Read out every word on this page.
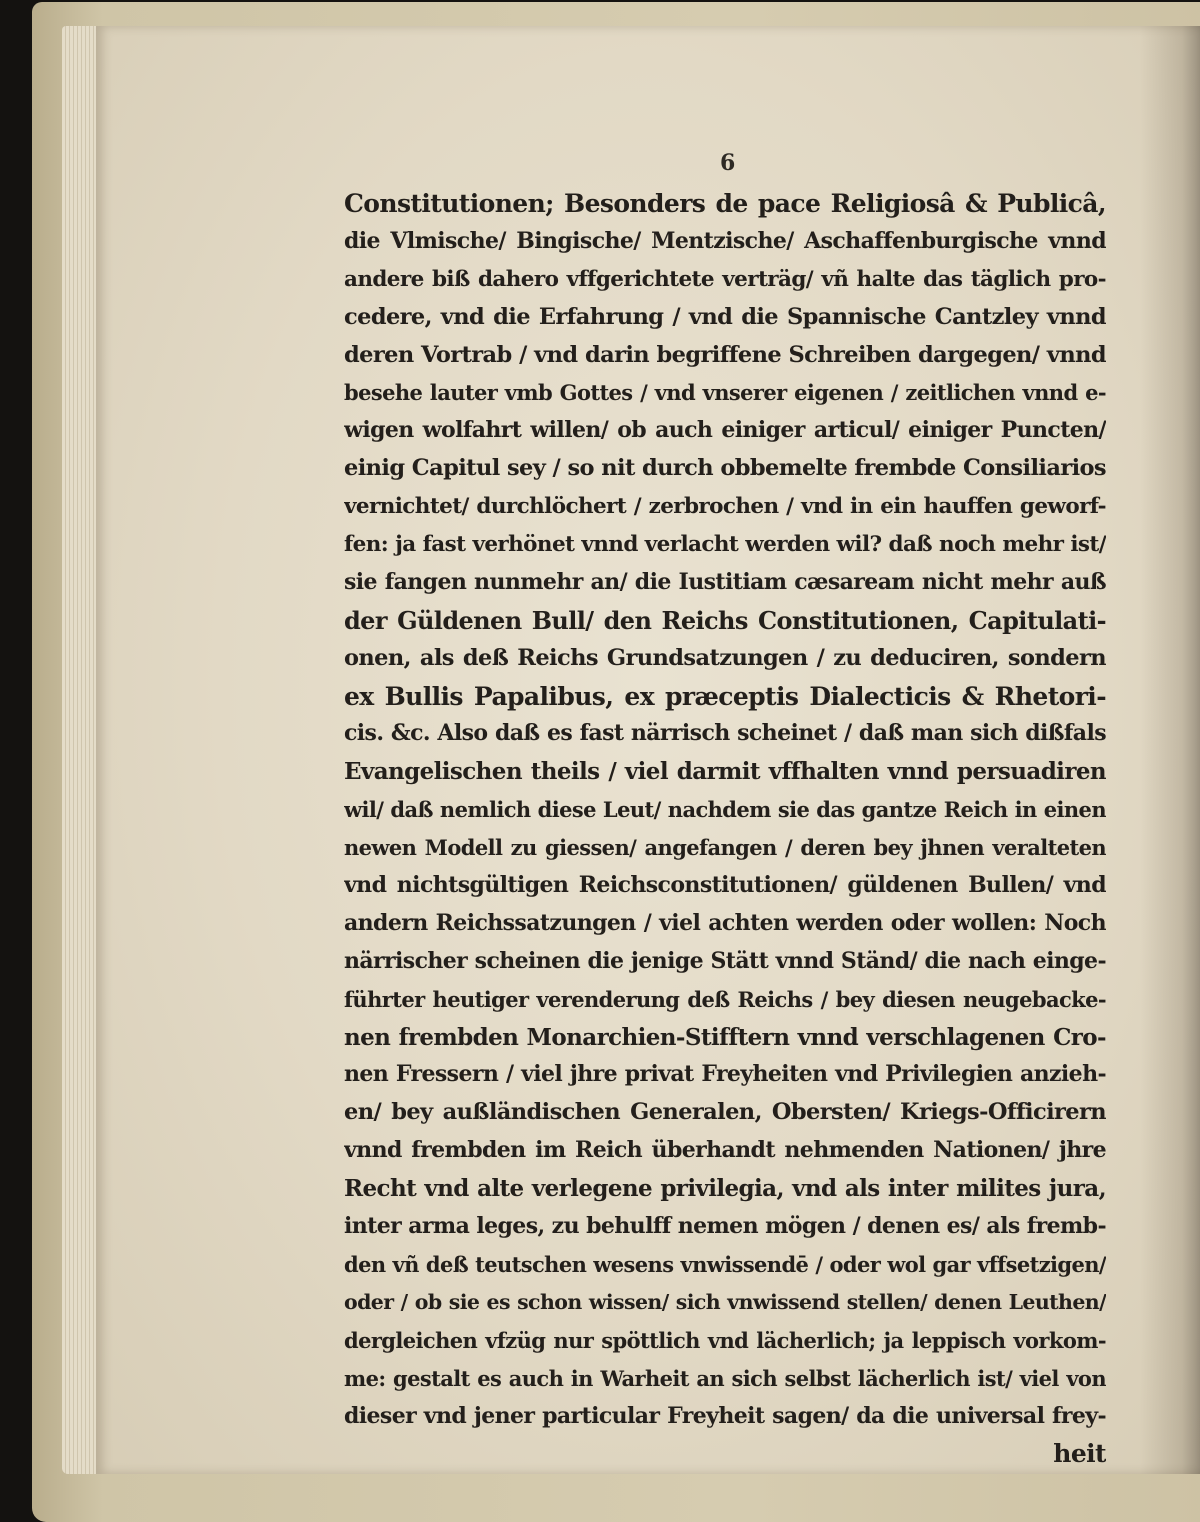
6

Constitutionen; Besonders de pace Religiosâ & Publicâ,
die Vlmische/ Bingische/ Mentzische/ Aschaffenburgische vnnd
andere biß dahero vffgerichtete verträg/ vñ halte das täglich pro-
cedere, vnd die Erfahrung / vnd die Spannische Cantzley vnnd
deren Vortrab / vnd darin begriffene Schreiben dargegen/ vnnd
besehe lauter vmb Gottes / vnd vnserer eigenen / zeitlichen vnnd e-
wigen wolfahrt willen/ ob auch einiger articul/ einiger Puncten/
einig Capitul sey / so nit durch obbemelte frembde Consiliarios
vernichtet/ durchlöchert / zerbrochen / vnd in ein hauffen geworf-
fen: ja fast verhönet vnnd verlacht werden wil? daß noch mehr ist/
sie fangen nunmehr an/ die Iustitiam cæsaream nicht mehr auß
der Güldenen Bull/ den Reichs Constitutionen, Capitulati-
onen, als deß Reichs Grundsatzungen / zu deduciren, sondern
ex Bullis Papalibus, ex præceptis Dialecticis & Rhetori-
cis. &c. Also daß es fast närrisch scheinet / daß man sich dißfals
Evangelischen theils / viel darmit vffhalten vnnd persuadiren
wil/ daß nemlich diese Leut/ nachdem sie das gantze Reich in einen
newen Modell zu giessen/ angefangen / deren bey jhnen veralteten
vnd nichtsgültigen Reichsconstitutionen/ güldenen Bullen/ vnd
andern Reichssatzungen / viel achten werden oder wollen: Noch
närrischer scheinen die jenige Stätt vnnd Ständ/ die nach einge-
führter heutiger verenderung deß Reichs / bey diesen neugebacke-
nen frembden Monarchien-Stifftern vnnd verschlagenen Cro-
nen Fressern / viel jhre privat Freyheiten vnd Privilegien anzieh-
en/ bey außländischen Generalen, Obersten/ Kriegs-Officirern
vnnd frembden im Reich überhandt nehmenden Nationen/ jhre
Recht vnd alte verlegene privilegia, vnd als inter milites jura,
inter arma leges, zu behulff nemen mögen / denen es/ als fremb-
den vñ deß teutschen wesens vnwissendē / oder wol gar vffsetzigen/
oder / ob sie es schon wissen/ sich vnwissend stellen/ denen Leuthen/
dergleichen vfzüg nur spöttlich vnd lächerlich; ja leppisch vorkom-
me: gestalt es auch in Warheit an sich selbst lächerlich ist/ viel von
dieser vnd jener particular Freyheit sagen/ da die universal frey-
heit
